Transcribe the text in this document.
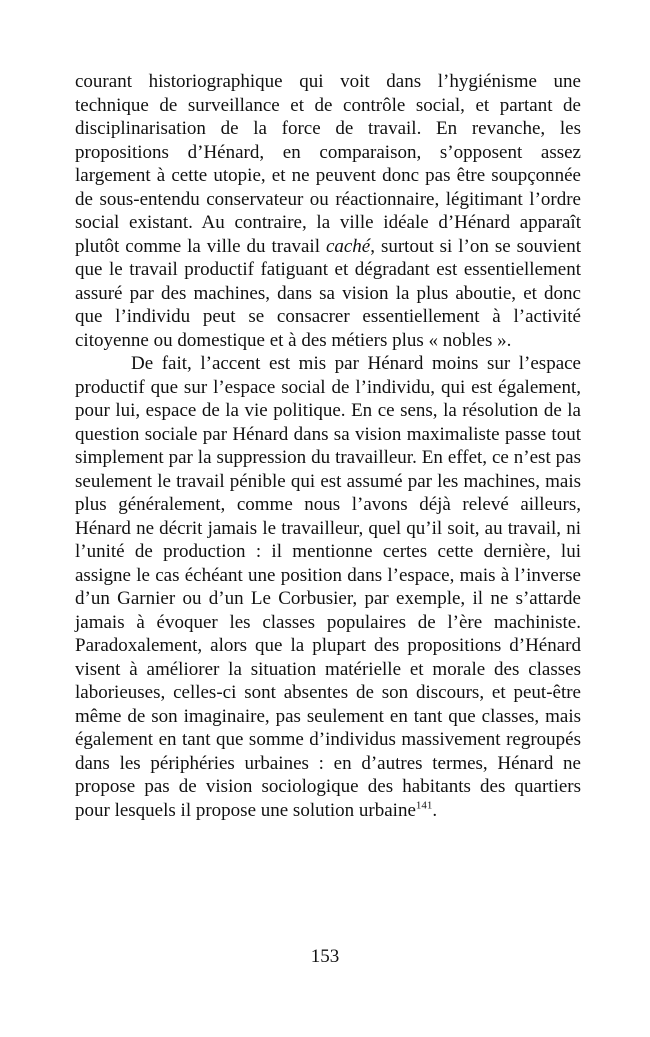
courant historiographique qui voit dans l’hygiénisme une technique de surveillance et de contrôle social, et partant de disciplinarisation de la force de travail. En revanche, les propositions d’Hénard, en comparaison, s’opposent assez largement à cette utopie, et ne peuvent donc pas être soupçonnée de sous-entendu conservateur ou réactionnaire, légitimant l’ordre social existant. Au contraire, la ville idéale d’Hénard apparaît plutôt comme la ville du travail caché, surtout si l’on se souvient que le travail productif fatiguant et dégradant est essentiellement assuré par des machines, dans sa vision la plus aboutie, et donc que l’individu peut se consacrer essentiellement à l’activité citoyenne ou domestique et à des métiers plus « nobles ».

De fait, l’accent est mis par Hénard moins sur l’espace productif que sur l’espace social de l’individu, qui est également, pour lui, espace de la vie politique. En ce sens, la résolution de la question sociale par Hénard dans sa vision maximaliste passe tout simplement par la suppression du travailleur. En effet, ce n’est pas seulement le travail pénible qui est assumé par les machines, mais plus généralement, comme nous l’avons déjà relevé ailleurs, Hénard ne décrit jamais le travailleur, quel qu’il soit, au travail, ni l’unité de production : il mentionne certes cette dernière, lui assigne le cas échéant une position dans l’espace, mais à l’inverse d’un Garnier ou d’un Le Corbusier, par exemple, il ne s’attarde jamais à évoquer les classes populaires de l’ère machiniste. Paradoxalement, alors que la plupart des propositions d’Hénard visent à améliorer la situation matérielle et morale des classes laborieuses, celles-ci sont absentes de son discours, et peut-être même de son imaginaire, pas seulement en tant que classes, mais également en tant que somme d’individus massivement regroupés dans les périphéries urbaines : en d’autres termes, Hénard ne propose pas de vision sociologique des habitants des quartiers pour lesquels il propose une solution urbaine$^{141}$.

153
